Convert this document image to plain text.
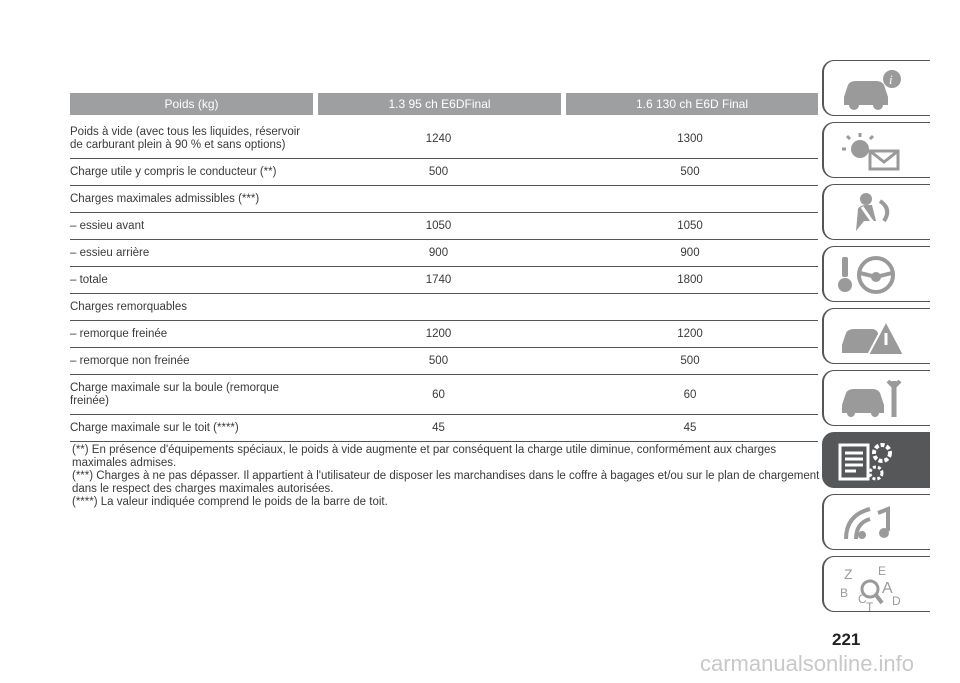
Poids (kg)	1.3 95 ch E6DFinal	1.6 130 ch E6D Final
Poids à vide (avec tous les liquides, réservoir de carburant plein à 90 % et sans options)	1240	1300
Charge utile y compris le conducteur (**)	500	500
Charges maximales admissibles (***)
– essieu avant	1050	1050
– essieu arrière	900	900
– totale	1740	1800
Charges remorquables
– remorque freinée	1200	1200
– remorque non freinée	500	500
Charge maximale sur la boule (remorque freinée)	60	60
Charge maximale sur le toit (****)	45	45

(**) En présence d'équipements spéciaux, le poids à vide augmente et par conséquent la charge utile diminue, conformément aux charges maximales admises.

(***) Charges à ne pas dépasser. Il appartient à l'utilisateur de disposer les marchandises dans le coffre à bagages et/ou sur le plan de chargement dans le respect des charges maximales autorisées.

(****) La valeur indiquée comprend le poids de la barre de toit.

221
carmanualsonline.info
i
Z E
A
B C
T D
